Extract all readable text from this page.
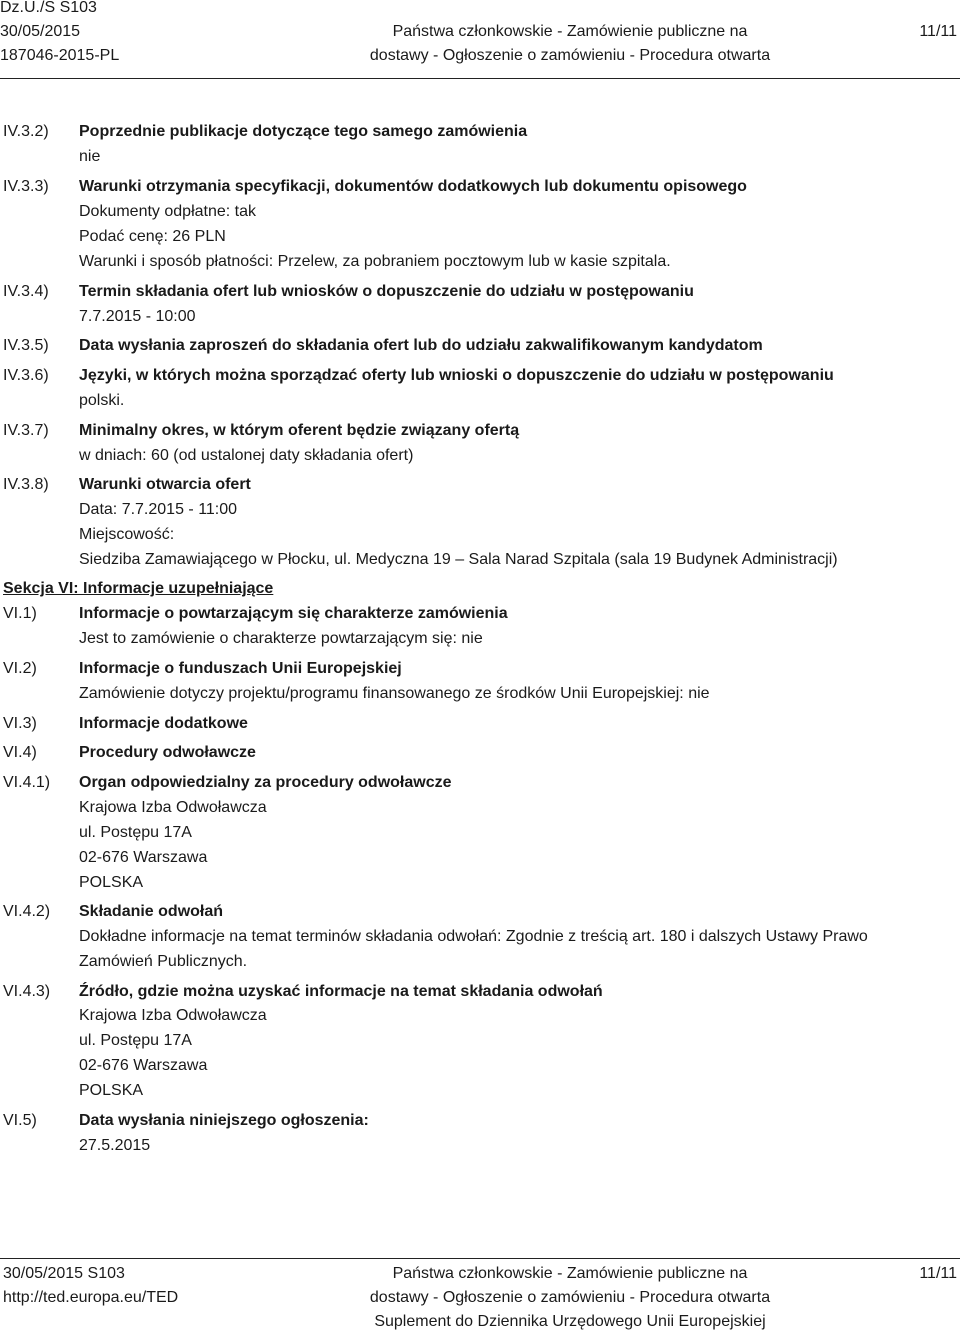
Dz.U./S S103
30/05/2015
187046-2015-PL
Państwa członkowskie - Zamówienie publiczne na
dostawy - Ogłoszenie o zamówieniu - Procedura otwarta
11/11
IV.3.2) Poprzednie publikacje dotyczące tego samego zamówienia
nie
IV.3.3) Warunki otrzymania specyfikacji, dokumentów dodatkowych lub dokumentu opisowego
Dokumenty odpłatne: tak
Podać cenę: 26 PLN
Warunki i sposób płatności: Przelew, za pobraniem pocztowym lub w kasie szpitala.
IV.3.4) Termin składania ofert lub wniosków o dopuszczenie do udziału w postępowaniu
7.7.2015 - 10:00
IV.3.5) Data wysłania zaproszeń do składania ofert lub do udziału zakwalifikowanym kandydatom
IV.3.6) Języki, w których można sporządzać oferty lub wnioski o dopuszczenie do udziału w postępowaniu
polski.
IV.3.7) Minimalny okres, w którym oferent będzie związany ofertą
w dniach: 60 (od ustalonej daty składania ofert)
IV.3.8) Warunki otwarcia ofert
Data: 7.7.2015 - 11:00
Miejscowość:
Siedziba Zamawiającego w Płocku, ul. Medyczna 19 – Sala Narad Szpitala (sala 19 Budynek Administracji)
Sekcja VI: Informacje uzupełniające
VI.1)	Informacje o powtarzającym się charakterze zamówienia
Jest to zamówienie o charakterze powtarzającym się: nie
VI.2)	Informacje o funduszach Unii Europejskiej
Zamówienie dotyczy projektu/programu finansowanego ze środków Unii Europejskiej: nie
VI.3)	Informacje dodatkowe
VI.4)	Procedury odwoławcze
VI.4.1) Organ odpowiedzialny za procedury odwoławcze
Krajowa Izba Odwoławcza
ul. Postępu 17A
02-676 Warszawa
POLSKA
VI.4.2) Składanie odwołań
Dokładne informacje na temat terminów składania odwołań: Zgodnie z treścią art. 180 i dalszych Ustawy Prawo
Zamówień Publicznych.
VI.4.3) Źródło, gdzie można uzyskać informacje na temat składania odwołań
Krajowa Izba Odwoławcza
ul. Postępu 17A
02-676 Warszawa
POLSKA
VI.5)	Data wysłania niniejszego ogłoszenia:
27.5.2015
30/05/2015 S103
http://ted.europa.eu/TED
Państwa członkowskie - Zamówienie publiczne na
dostawy - Ogłoszenie o zamówieniu - Procedura otwarta
Suplement do Dziennika Urzędowego Unii Europejskiej
11/11
